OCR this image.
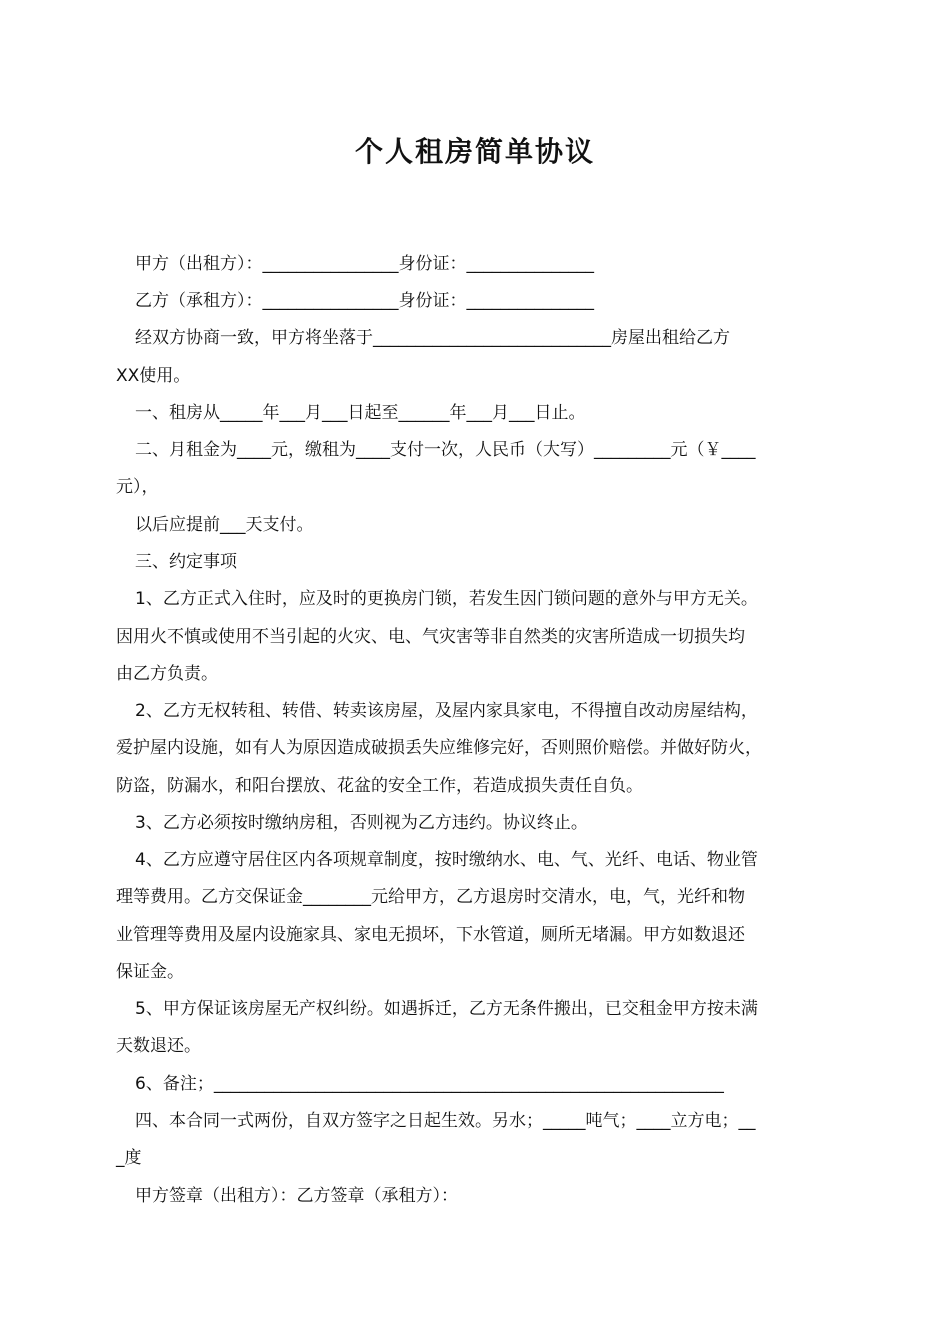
个人租房简单协议
甲方（出租方）：________________身份证：_______________
乙方（承租方）：________________身份证：_______________
经双方协商一致，甲方将坐落于____________________________房屋出租给乙方
XX使用。
一、租房从_____年___月___日起至______年___月___日止。
二、月租金为____元，缴租为____支付一次，人民币（大写）_________元（￥____
元），
以后应提前___天支付。
三、约定事项
1、乙方正式入住时，应及时的更换房门锁，若发生因门锁问题的意外与甲方无关。
因用火不慎或使用不当引起的火灾、电、气灾害等非自然类的灾害所造成一切损失均
由乙方负责。
2、乙方无权转租、转借、转卖该房屋，及屋内家具家电，不得擅自改动房屋结构，
爱护屋内设施，如有人为原因造成破损丢失应维修完好，否则照价赔偿。并做好防火，
防盗，防漏水，和阳台摆放、花盆的安全工作，若造成损失责任自负。
3、乙方必须按时缴纳房租，否则视为乙方违约。协议终止。
4、乙方应遵守居住区内各项规章制度，按时缴纳水、电、气、光纤、电话、物业管
理等费用。乙方交保证金________元给甲方，乙方退房时交清水，电，气，光纤和物
业管理等费用及屋内设施家具、家电无损坏，下水管道，厕所无堵漏。甲方如数退还
保证金。
5、甲方保证该房屋无产权纠纷。如遇拆迁，乙方无条件搬出，已交租金甲方按未满
天数退还。
6、备注；____________________________________________________________
四、本合同一式两份，自双方签字之日起生效。另水；_____吨气；____立方电；__
_度
甲方签章（出租方）：乙方签章（承租方）：
